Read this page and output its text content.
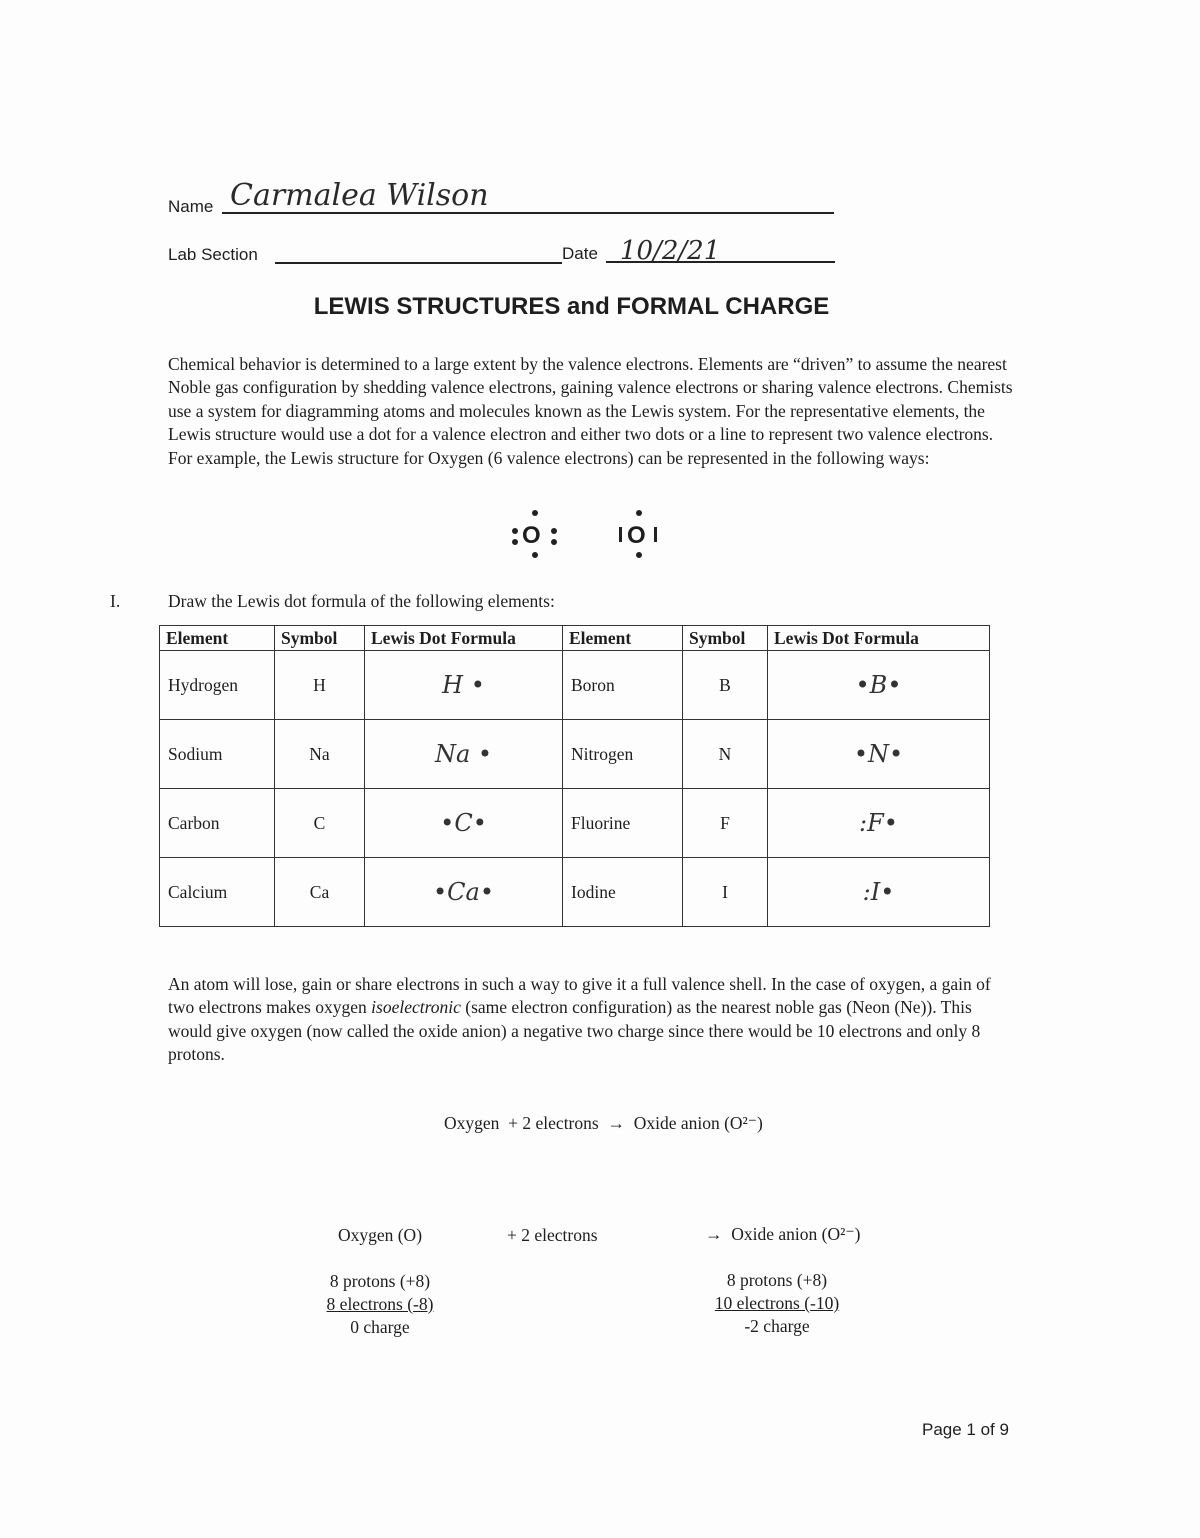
Name Carmalea Wilson
Lab Section	Date 10/2/21
LEWIS STRUCTURES and FORMAL CHARGE
Chemical behavior is determined to a large extent by the valence electrons. Elements are “driven” to assume the nearest Noble gas configuration by shedding valence electrons, gaining valence electrons or sharing valence electrons. Chemists use a system for diagramming atoms and molecules known as the Lewis system. For the representative elements, the Lewis structure would use a dot for a valence electron and either two dots or a line to represent two valence electrons. For example, the Lewis structure for Oxygen (6 valence electrons) can be represented in the following ways:
O	O
I.	Draw the Lewis dot formula of the following elements:
Element	Symbol	Lewis Dot Formula	Element	Symbol	Lewis Dot Formula
Hydrogen	H	H •	Boron	B	•B•
Sodium	Na	Na •	Nitrogen	N	•N•
Carbon	C	•C•	Fluorine	F	:F•
Calcium	Ca	•Ca•	Iodine	I	:I•
An atom will lose, gain or share electrons in such a way to give it a full valence shell. In the case of oxygen, a gain of two electrons makes oxygen isoelectronic (same electron configuration) as the nearest noble gas (Neon (Ne)). This would give oxygen (now called the oxide anion) a negative two charge since there would be 10 electrons and only 8 protons.
Oxygen  + 2 electrons  →  Oxide anion (O²⁻)
Oxygen (O)	+ 2 electrons	→  Oxide anion (O²⁻)
8 protons (+8)
8 electrons (-8)
0 charge
8 protons (+8)
10 electrons (-10)
-2 charge
Page 1 of 9
